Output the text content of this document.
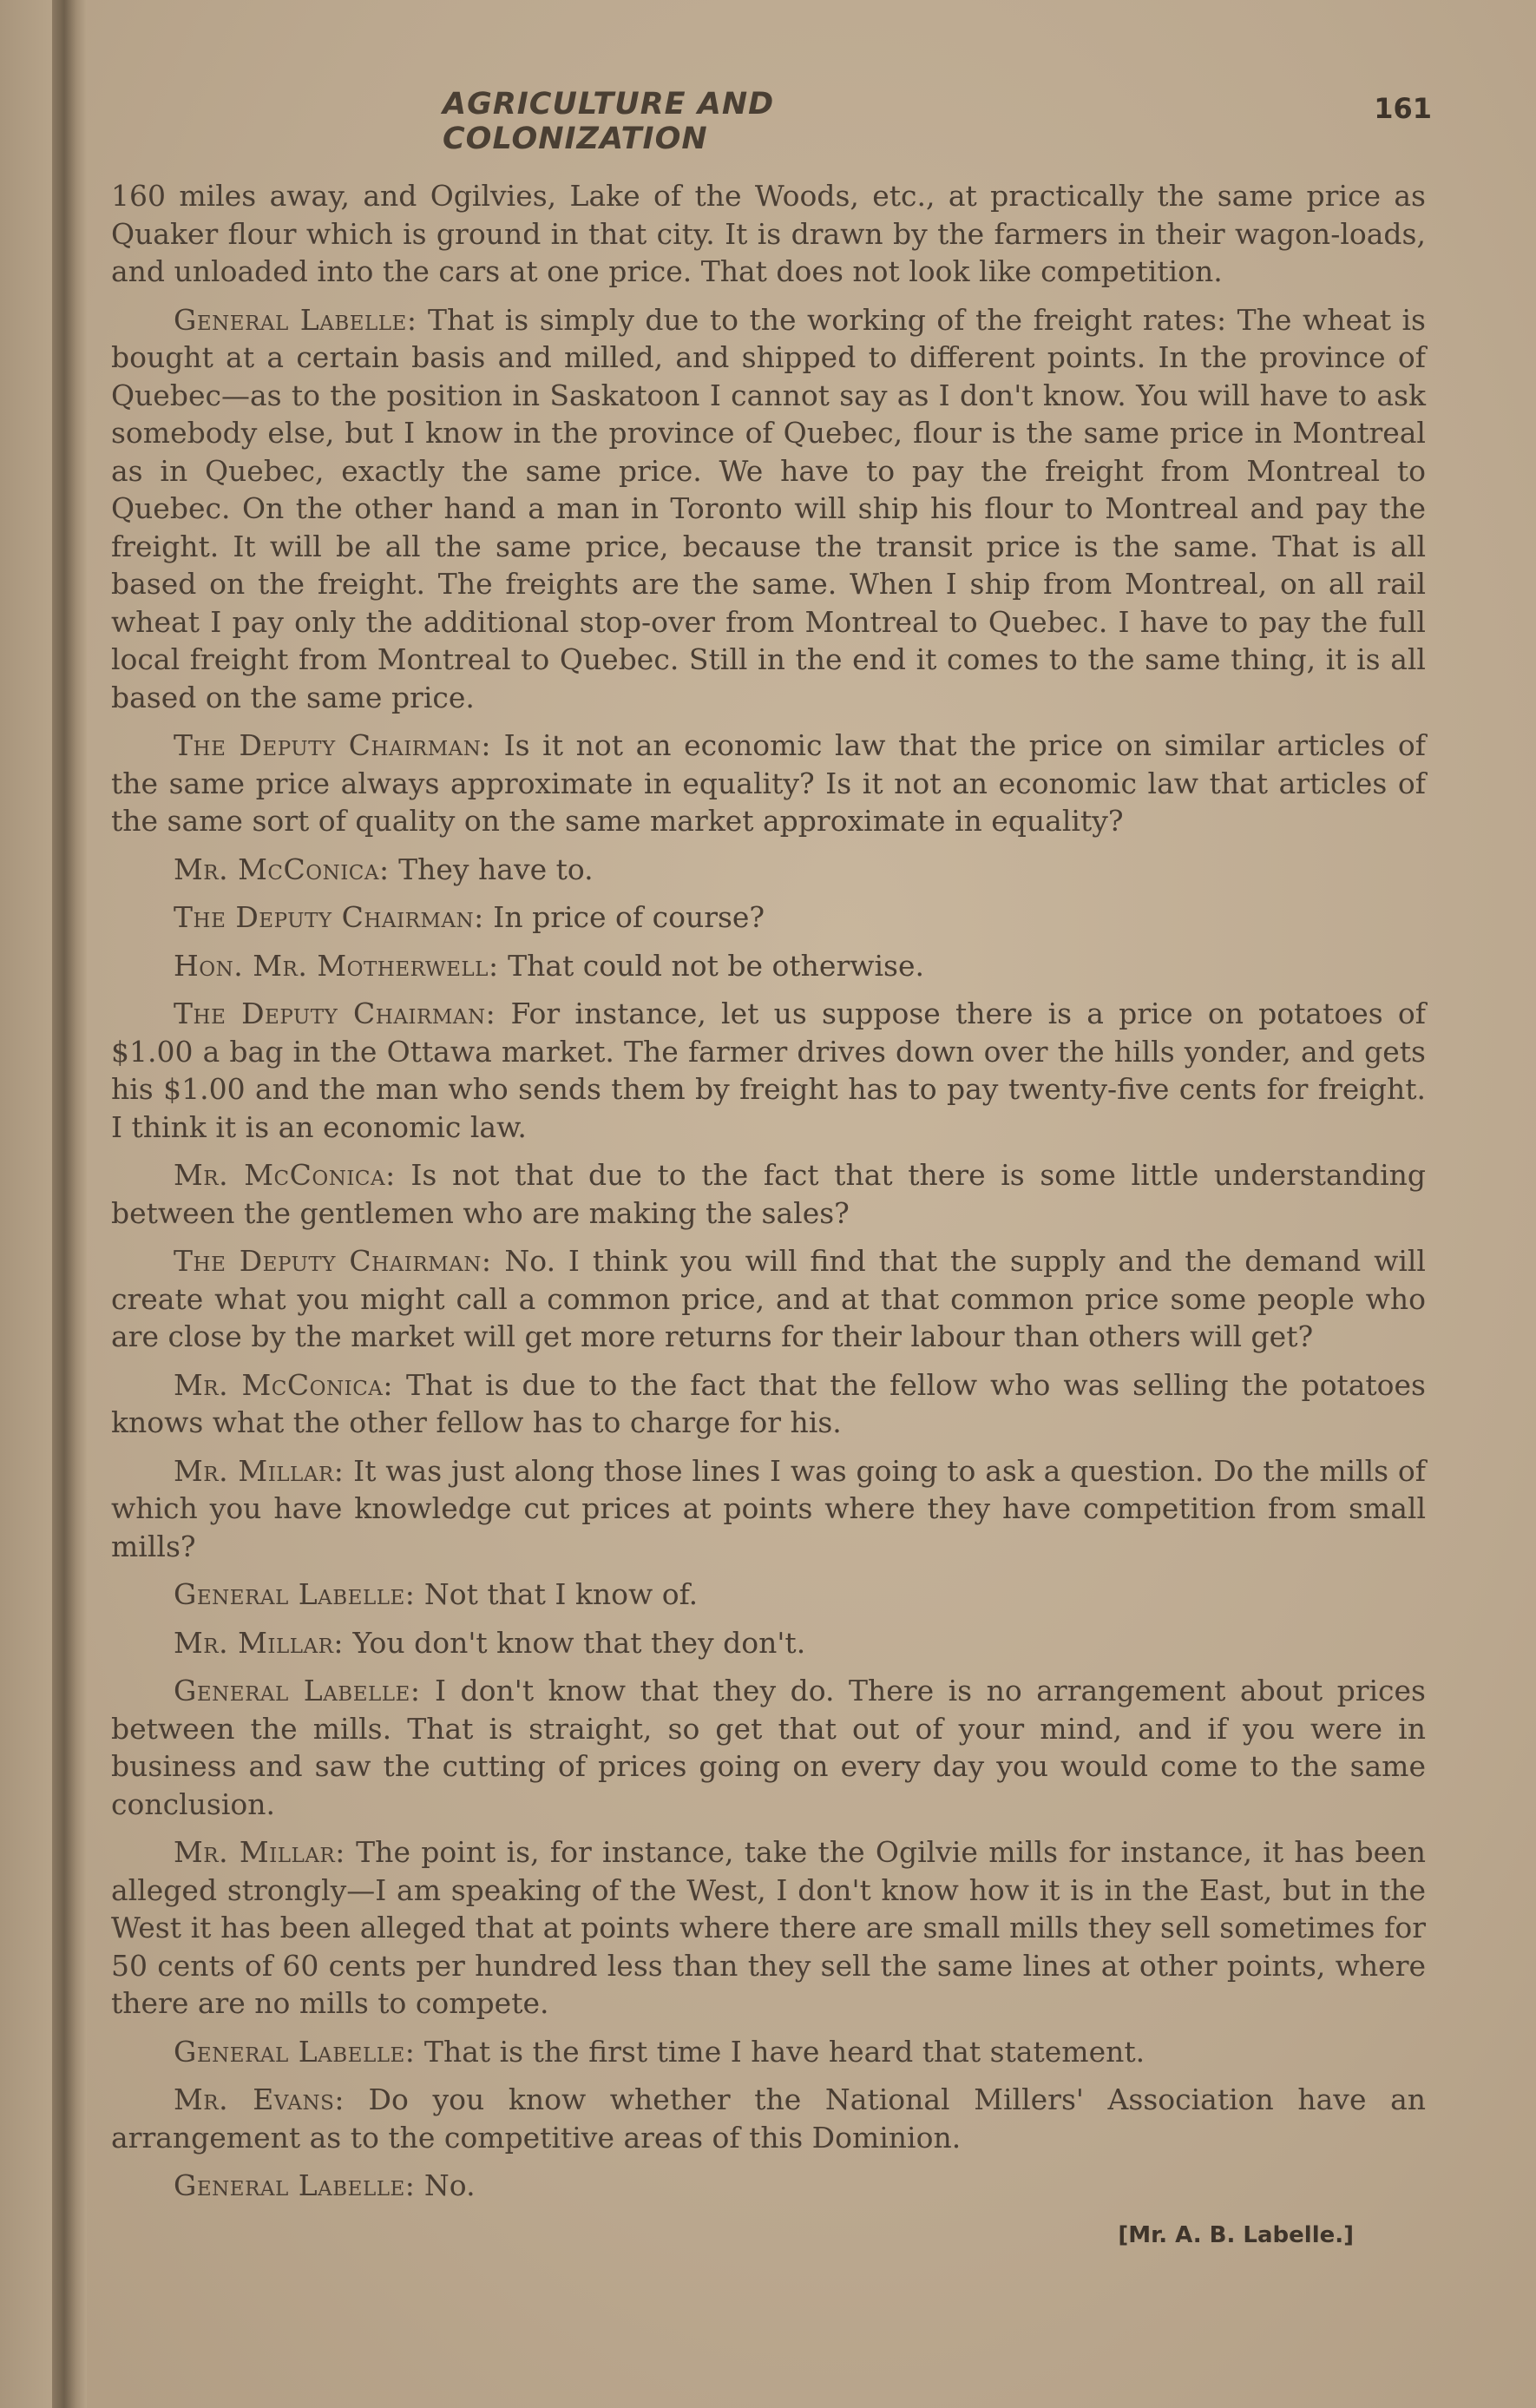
AGRICULTURE AND COLONIZATION
161

160 miles away, and Ogilvies, Lake of the Woods, etc., at practically the same price as Quaker flour which is ground in that city. It is drawn by the farmers in their wagon-loads, and unloaded into the cars at one price. That does not look like competition.

General Labelle: That is simply due to the working of the freight rates: The wheat is bought at a certain basis and milled, and shipped to different points. In the province of Quebec—as to the position in Saskatoon I cannot say as I don't know. You will have to ask somebody else, but I know in the province of Quebec, flour is the same price in Montreal as in Quebec, exactly the same price. We have to pay the freight from Montreal to Quebec. On the other hand a man in Toronto will ship his flour to Montreal and pay the freight. It will be all the same price, because the transit price is the same. That is all based on the freight. The freights are the same. When I ship from Montreal, on all rail wheat I pay only the additional stop-over from Montreal to Quebec. I have to pay the full local freight from Montreal to Quebec. Still in the end it comes to the same thing, it is all based on the same price.

The Deputy Chairman: Is it not an economic law that the price on similar articles of the same price always approximate in equality? Is it not an economic law that articles of the same sort of quality on the same market approximate in equality?

Mr. McConica: They have to.

The Deputy Chairman: In price of course?

Hon. Mr. Motherwell: That could not be otherwise.

The Deputy Chairman: For instance, let us suppose there is a price on potatoes of $1.00 a bag in the Ottawa market. The farmer drives down over the hills yonder, and gets his $1.00 and the man who sends them by freight has to pay twenty-five cents for freight. I think it is an economic law.

Mr. McConica: Is not that due to the fact that there is some little understanding between the gentlemen who are making the sales?

The Deputy Chairman: No. I think you will find that the supply and the demand will create what you might call a common price, and at that common price some people who are close by the market will get more returns for their labour than others will get?

Mr. McConica: That is due to the fact that the fellow who was selling the potatoes knows what the other fellow has to charge for his.

Mr. Millar: It was just along those lines I was going to ask a question. Do the mills of which you have knowledge cut prices at points where they have competition from small mills?

General Labelle: Not that I know of.

Mr. Millar: You don't know that they don't.

General Labelle: I don't know that they do. There is no arrangement about prices between the mills. That is straight, so get that out of your mind, and if you were in business and saw the cutting of prices going on every day you would come to the same conclusion.

Mr. Millar: The point is, for instance, take the Ogilvie mills for instance, it has been alleged strongly—I am speaking of the West, I don't know how it is in the East, but in the West it has been alleged that at points where there are small mills they sell sometimes for 50 cents of 60 cents per hundred less than they sell the same lines at other points, where there are no mills to compete.

General Labelle: That is the first time I have heard that statement.

Mr. Evans: Do you know whether the National Millers' Association have an arrangement as to the competitive areas of this Dominion.

General Labelle: No.

[Mr. A. B. Labelle.]
